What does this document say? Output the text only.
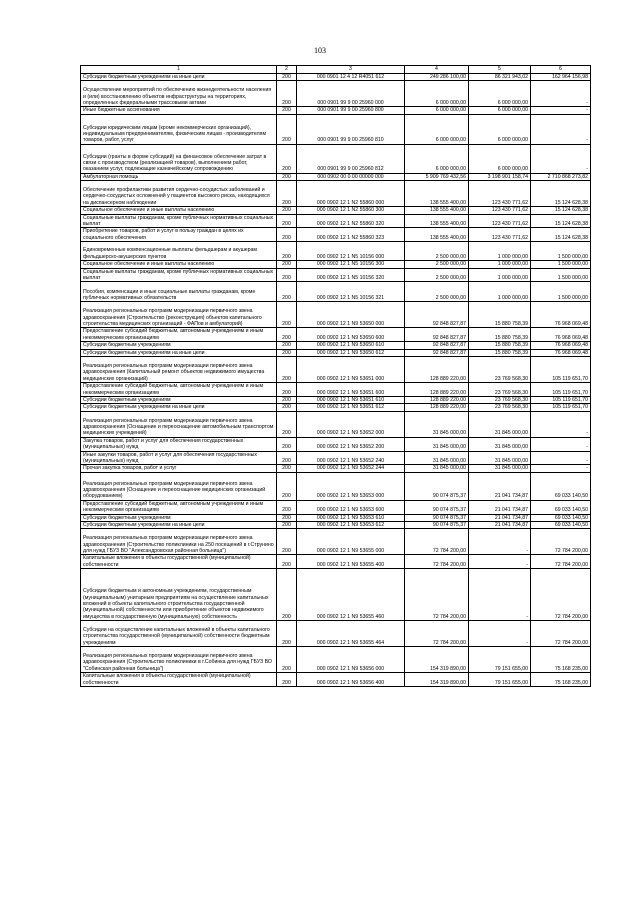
103
1	2	3	4	5	6
Субсидии бюджетным учреждениям на иные цели	200	000 0901 12 4 12 R4051 612	249 286 100,00	86 321 943,02	162 964 156,98
Осуществление мероприятий по обеспечению жизнедеятельности населения и (или) восстановлению объектов инфраструктуры на территориях, определенных федеральными трассовыми актами	200	000 0901 99 9 00 25960 000	6 000 000,00	6 000 000,00	-
Иные бюджетные ассигнования	200	000 0901 99 9 00 25960 800	6 000 000,00	6 000 000,00	-
Субсидии юридическим лицам (кроме некоммерческих организаций), индивидуальным предпринимателям, физическим лицам - производителям товаров, работ, услуг	200	000 0901 99 9 00 25960 810	6 000 000,00	6 000 000,00	-
Субсидии (гранты в форме субсидий) на финансовое обеспечение затрат в связи с производством (реализацией товаров), выполнением работ, оказанием услуг, подлежащие казначейскому сопровождению	200	000 0901 99 9 00 25960 812	6 000 000,00	6 000 000,00	-
Амбулаторная помощь	200	000 0902 00 0 00 00000 000	5 909 769 432,56	3 198 901 158,74	2 710 868 273,82
Обеспечение профилактики развития сердечно-сосудистых заболеваний и сердечно-сосудистых осложнений у пациентов высокого риска, находящихся на диспансерном наблюдении	200	000 0902 12 1 N2 55860 000	138 555 400,00	123 430 771,62	15 124 628,38
Социальное обеспечение и иные выплаты населению	200	000 0902 12 1 N2 55860 300	138 555 400,00	123 430 771,62	15 124 628,38
Социальные выплаты гражданам, кроме публичных нормативных социальных выплат	200	000 0902 12 1 N2 55860 320	138 555 400,00	123 430 771,62	15 124 628,38
Приобретение товаров, работ и услуг в пользу граждан в целях их социального обеспечения	200	000 0902 12 1 N2 55860 323	138 555 400,00	123 430 771,62	15 124 628,38
Единовременные компенсационные выплаты фельдшерам и акушерам фельдшерско-акушерских пунктов	200	000 0902 12 1 N5 10156 000	2 500 000,00	1 000 000,00	1 500 000,00
Социальное обеспечение и иные выплаты населению	200	000 0902 12 1 N5 10156 300	2 500 000,00	1 000 000,00	1 500 000,00
Социальные выплаты гражданам, кроме публичных нормативных социальных выплат	200	000 0902 12 1 N5 10156 320	2 500 000,00	1 000 000,00	1 500 000,00
Пособия, компенсации и иные социальные выплаты гражданам, кроме публичных нормативных обязательств	200	000 0902 12 1 N5 10156 321	2 500 000,00	1 000 000,00	1 500 000,00
Реализация региональных программ модернизации первичного звена здравоохранения (Строительство (реконструкция) объектов капитального строительства медицинских организаций - ФАПов и амбулаторий)	200	000 0902 12 1 N9 53650 000	92 848 827,87	15 880 758,39	76 968 069,48
Предоставление субсидий бюджетным, автономным учреждениям и иным некоммерческим организациям	200	000 0902 12 1 N9 53650 600	92 848 827,87	15 880 758,39	76 968 069,48
Субсидии бюджетным учреждениям	200	000 0902 12 1 N9 53650 610	92 848 827,87	15 880 758,39	76 968 069,48
Субсидии бюджетным учреждениям на иные цели	200	000 0902 12 1 N9 53650 612	92 848 827,87	15 880 758,39	76 968 069,48
Реализация региональных программ модернизации первичного звена здравоохранения (Капитальный ремонт объектов недвижимого имущества медицинских организаций)	200	000 0902 12 1 N9 53651 000	128 889 220,00	23 769 568,30	105 119 651,70
Предоставление субсидий бюджетным, автономным учреждениям и иным некоммерческим организациям	200	000 0902 12 1 N9 53651 600	128 889 220,00	23 769 568,30	105 119 651,70
Субсидии бюджетным учреждениям	200	000 0902 12 1 N9 53651 610	128 889 220,00	23 769 568,30	105 119 651,70
Субсидии бюджетным учреждениям на иные цели	200	000 0902 12 1 N9 53651 612	128 889 220,00	23 769 568,30	105 119 651,70
Реализация региональных программ модернизации первичного звена здравоохранения (Оснащение и переоснащение автомобильным транспортом медицинских учреждений)	200	000 0902 12 1 N9 53652 000	31 845 000,00	31 845 000,00	-
Закупка товаров, работ и услуг для обеспечения государственных (муниципальных) нужд	200	000 0902 12 1 N9 53652 200	31 845 000,00	31 845 000,00	-
Иные закупки товаров, работ и услуг для обеспечения государственных (муниципальных) нужд	200	000 0902 12 1 N9 53652 240	31 845 000,00	31 845 000,00	-
Прочая закупка товаров, работ и услуг	200	000 0902 12 1 N9 53652 244	31 845 000,00	31 845 000,00	-
Реализация региональных программ модернизации первичного звена здравоохранения (Оснащение и переоснащение медицинских организаций оборудованием)	200	000 0902 12 1 N9 53653 000	90 074 875,37	21 041 734,87	69 033 140,50
Предоставление субсидий бюджетным, автономным учреждениям и иным некоммерческим организациям	200	000 0902 12 1 N9 53653 600	90 074 875,37	21 041 734,87	69 033 140,50
Субсидии бюджетным учреждениям	200	000 0902 12 1 N9 53653 610	90 074 875,37	21 041 734,87	69 033 140,50
Субсидии бюджетным учреждениям на иные цели	200	000 0902 12 1 N9 53653 612	90 074 875,37	21 041 734,87	69 033 140,50
Реализация региональных программ модернизации первичного звена здравоохранения (Строительство поликлиники на 250 посещений в г.Струнино для нужд ГБУЗ ВО "Александровская районная больница")	200	000 0902 12 1 N9 53655 000	72 784 200,00	-	72 784 200,00
Капитальные вложения в объекты государственной (муниципальной) собственности	200	000 0902 12 1 N9 53655 400	72 784 200,00	-	72 784 200,00
Субсидии бюджетным и автономным учреждениям, государственным (муниципальным) унитарным предприятиям на осуществление капитальных вложений в объекты капитального строительства государственной (муниципальной) собственности или приобретение объектов недвижимого имущества в государственную (муниципальную) собственность	200	000 0902 12 1 N9 53655 460	72 784 200,00	-	72 784 200,00
Субсидии на осуществление капитальных вложений в объекты капитального строительства государственной (муниципальной) собственности бюджетным учреждениям	200	000 0902 12 1 N9 53655 464	72 784 200,00	-	72 784 200,00
Реализация региональных программ модернизации первичного звена здравоохранения (Строительство поликлиники в г.Собинка для нужд ГБУЗ ВО "Собинская районная больница")	200	000 0902 12 1 N9 53656 000	154 319 890,00	79 151 655,00	75 168 235,00
Капитальные вложения в объекты государственной (муниципальной) собственности	200	000 0902 12 1 N9 53656 400	154 319 890,00	79 151 655,00	75 168 235,00
